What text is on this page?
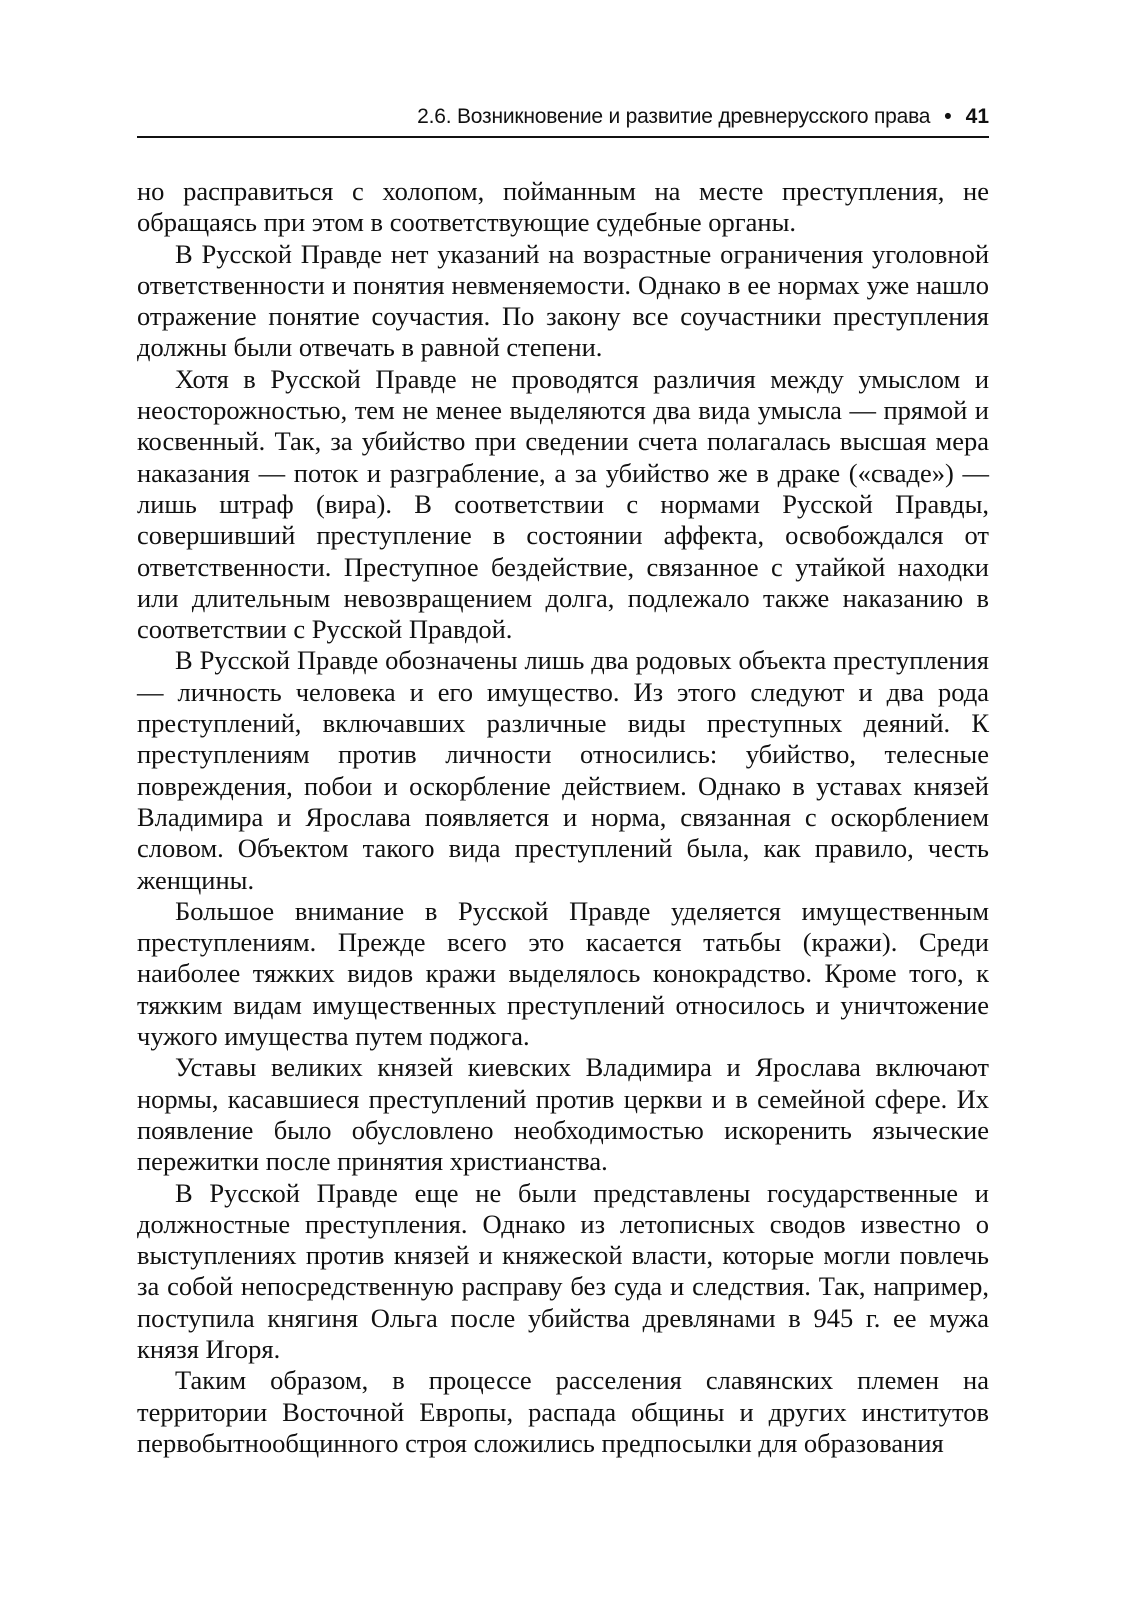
2.6. Возникновение и развитие древнерусского права • 41

но расправиться с холопом, пойманным на месте преступления, не обращаясь при этом в соответствующие судебные органы.

В Русской Правде нет указаний на возрастные ограничения уголовной ответственности и понятия невменяемости. Однако в ее нормах уже нашло отражение понятие соучастия. По закону все соучастники преступления должны были отвечать в равной степени.

Хотя в Русской Правде не проводятся различия между умыслом и неосторожностью, тем не менее выделяются два вида умысла — прямой и косвенный. Так, за убийство при сведении счета полагалась высшая мера наказания — поток и разграбление, а за убийство же в драке («сваде») — лишь штраф (вира). В соответствии с нормами Русской Правды, совершивший преступление в состоянии аффекта, освобождался от ответственности. Преступное бездействие, связанное с утайкой находки или длительным невозвращением долга, подлежало также наказанию в соответствии с Русской Правдой.

В Русской Правде обозначены лишь два родовых объекта преступления — личность человека и его имущество. Из этого следуют и два рода преступлений, включавших различные виды преступных деяний. К преступлениям против личности относились: убийство, телесные повреждения, побои и оскорбление действием. Однако в уставах князей Владимира и Ярослава появляется и норма, связанная с оскорблением словом. Объектом такого вида преступлений была, как правило, честь женщины.

Большое внимание в Русской Правде уделяется имущественным преступлениям. Прежде всего это касается татьбы (кражи). Среди наиболее тяжких видов кражи выделялось конокрадство. Кроме того, к тяжким видам имущественных преступлений относилось и уничтожение чужого имущества путем поджога.

Уставы великих князей киевских Владимира и Ярослава включают нормы, касавшиеся преступлений против церкви и в семейной сфере. Их появление было обусловлено необходимостью искоренить языческие пережитки после принятия христианства.

В Русской Правде еще не были представлены государственные и должностные преступления. Однако из летописных сводов известно о выступлениях против князей и княжеской власти, которые могли повлечь за собой непосредственную расправу без суда и следствия. Так, например, поступила княгиня Ольга после убийства древлянами в 945 г. ее мужа князя Игоря.

Таким образом, в процессе расселения славянских племен на территории Восточной Европы, распада общины и других институтов первобытнообщинного строя сложились предпосылки для образования
